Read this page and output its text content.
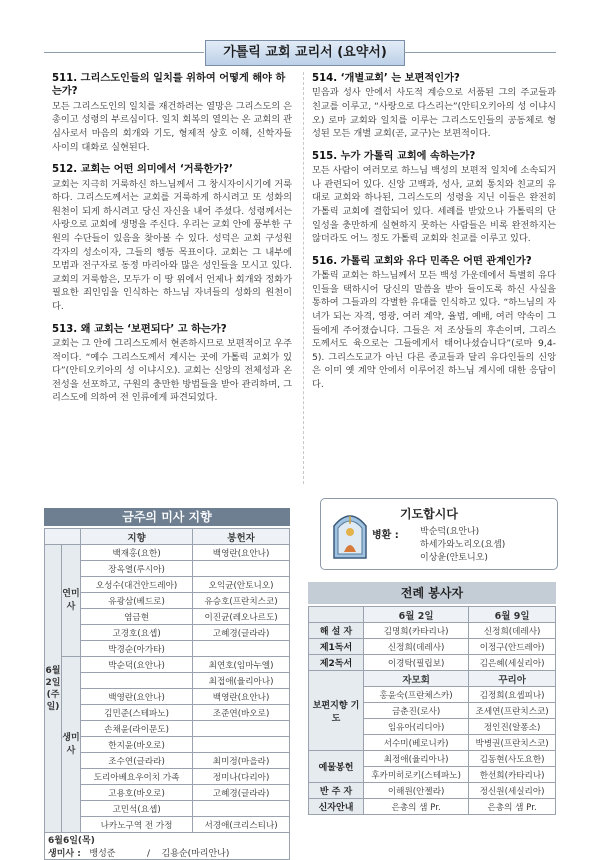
가톨릭 교회 교리서 (요약서)
511. 그리스도인들의 일치를 위하여 어떻게 해야 하는가?
모든 그리스도인의 일치를 재건하려는 열망은 그리스도의 은총이고 성령의 부르심이다. 일치 회복의 열의는 온 교회의 관심사로서 마음의 회개와 기도, 형제적 상호 이해, 신학자들 사이의 대화로 실현된다.
512. 교회는 어떤 의미에서 ‘거룩한가?’
교회는 지극히 거룩하신 하느님께서 그 창시자이시기에 거룩하다. 그리스도께서는 교회를 거룩하게 하시려고 또 성화의 원천이 되게 하시려고 당신 자신을 내어 주셨다. 성령께서는 사랑으로 교회에 생명을 주신다. 우리는 교회 안에 풍부한 구원의 수단들이 있음을 찾아볼 수 있다. 성덕은 교회 구성원 각자의 성소이자, 그들의 행동 목표이다. 교회는 그 내부에 모범과 전구자로 동정 마리아와 많은 성인들을 모시고 있다. 교회의 거룩함은, 모두가 이 땅 위에서 언제나 회개와 정화가 필요한 죄인임을 인식하는 하느님 자녀들의 성화의 원천이다.
513. 왜 교회는 ‘보편되다’ 고 하는가?
교회는 그 안에 그리스도께서 현존하시므로 보편적이고 우주적이다. “예수 그리스도께서 계시는 곳에 가톨릭 교회가 있다”(안티오키아의 성 이냐시오). 교회는 신앙의 전체성과 온전성을 선포하고, 구원의 충만한 방법들을 받아 관리하며, 그리스도에 의하여 전 인류에게 파견되었다.
514. ‘개별교회’ 는 보편적인가?
믿음과 성사 안에서 사도적 계승으로 서품된 그의 주교들과 친교를 이루고, “사랑으로 다스리는”(안티오키아의 성 이냐시오) 로마 교회와 일치를 이루는 그리스도인들의 공동체로 형성된 모든 개별 교회(곧, 교구)는 보편적이다.
515. 누가 가톨릭 교회에 속하는가?
모든 사람이 여러모로 하느님 백성의 보편적 일치에 소속되거나 관련되어 있다. 신앙 고백과, 성사, 교회 통치와 친교의 유대로 교회와 하나된, 그리스도의 성령을 지닌 이들은 완전히 가톨릭 교회에 결합되어 있다. 세례를 받았으나 가톨릭의 단일성을 충만하게 실현하지 못하는 사람들은 비록 완전하지는 않더라도 어느 정도 가톨릭 교회와 친교를 이루고 있다.
516. 가톨릭 교회와 유다 민족은 어떤 관계인가?
가톨릭 교회는 하느님께서 모든 백성 가운데에서 특별히 유다인들을 택하시어 당신의 말씀을 받아 들이도록 하신 사실을 통하여 그들과의 각별한 유대를 인식하고 있다. “하느님의 자녀가 되는 자격, 영광, 여러 계약, 율법, 예배, 여러 약속이 그들에게 주어졌습니다. 그들은 저 조상들의 후손이며, 그리스도께서도 육으로는 그들에게서 태어나셨습니다”(로마 9,4-5). 그리스도교가 아닌 다른 종교들과 달리 유다인들의 신앙은 이미 옛 계약 안에서 이루어진 하느님 계시에 대한 응답이다.
금주의 미사 지향
		지향	봉헌자
6월2일(주일)	연미사	백재홍(요한)	백영란(요안나)
		장옥열(루시아)	
		오성수(대건안드레아)	오익균(안토니오)
		유광삼(베드로)	유승호(프란치스코)
		염금현	이진균(레오나르도)
		고경호(요셉)	고혜경(글라라)
		박경순(아가타)	
	생미사	박순덕(요안나)	최연호(임마누엘)
			최접애(율리아나)
		백영란(요안나)	백영란(요안나)
		김민준(스테파노)	조준연(바오로)
		손채윤(라이문도)	
		한지윤(바오로)	
		조수연(글라라)	최미정(마을라)
		도리아베요우이치 가족	정미나(다리아)
		고용호(바오로)	고혜경(글라라)
		고민석(요셉)	
		나카노구역 전 가정	서경애(크리스티나)
6월6일(목)
생미사 : 뱅성준 / 김용순(마리안나)			
기도합시다
병환 : 박순덕(요안나)
하세가와노리오(요셉)
이상윤(안토니오)
전례 봉사자
	6월 2일	6월 9일
해 설 자	김명희(카타리나)	신정희(데레사)
제1독서	신정희(데레사)	이정구(안드레아)
제2독서	이경탁(필립보)	김은혜(세실리아)
보편지향 기 도	자모회	꾸리아
	홍윤숙(프란체스카)	김정희(요셉피나)
	금춘진(로사)	조세연(프란치스코)
	임유아(리디아)	정인진(알퐁소)
	서수미(베로니카)	박병권(프란치스코)
예물봉헌	최정애(율리아나)	김동현(사도요한)
	후카미히로키(스테파노)	한선희(카타리나)
반 주 자	이해원(안젤라)	정신원(세실리아)
신자안내	은총의 샘 Pr.	은총의 샘 Pr.
